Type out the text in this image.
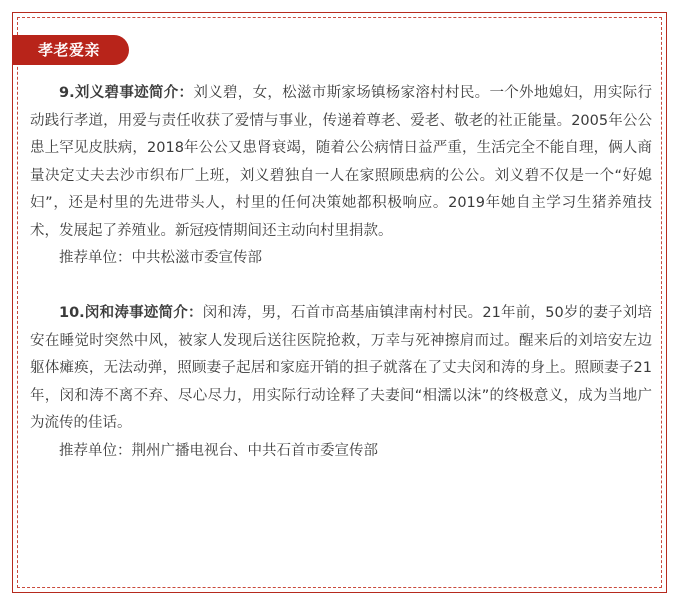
孝老爱亲

9.刘义碧事迹简介：刘义碧，女，松滋市斯家场镇杨家溶村村民。一个外地媳妇，用实际行动践行孝道，用爱与责任收获了爱情与事业，传递着尊老、爱老、敬老的社正能量。2005年公公患上罕见皮肤病，2018年公公又患肾衰竭，随着公公病情日益严重，生活完全不能自理，俩人商量决定丈夫去沙市织布厂上班，刘义碧独自一人在家照顾患病的公公。刘义碧不仅是一个“好媳妇”，还是村里的先进带头人，村里的任何决策她都积极响应。2019年她自主学习生猪养殖技术，发展起了养殖业。新冠疫情期间还主动向村里捐款。

推荐单位：中共松滋市委宣传部

10.闵和涛事迹简介：闵和涛，男，石首市高基庙镇津南村村民。21年前，50岁的妻子刘培安在睡觉时突然中风，被家人发现后送往医院抢救，万幸与死神擦肩而过。醒来后的刘培安左边躯体瘫痪，无法动弹，照顾妻子起居和家庭开销的担子就落在了丈夫闵和涛的身上。照顾妻子21年，闵和涛不离不弃、尽心尽力，用实际行动诠释了夫妻间“相濡以沫”的终极意义，成为当地广为流传的佳话。

推荐单位：荆州广播电视台、中共石首市委宣传部
